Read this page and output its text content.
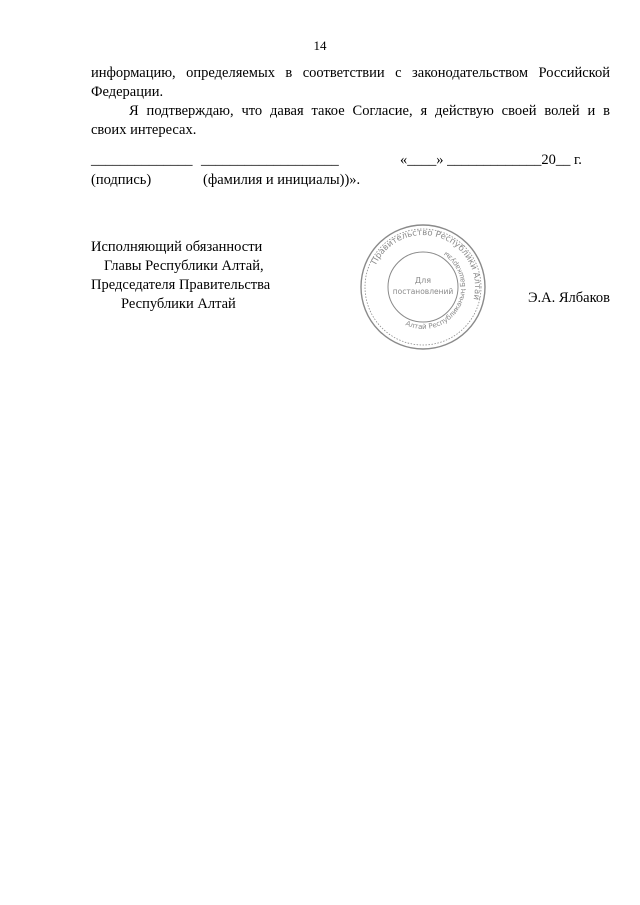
14
информацию, определяемых в соответствии с законодательством Российской
Федерации.
Я подтверждаю, что давая такое Согласие, я действую своей волей и в
своих интересах.
______________ ___________________	«____» _____________20__ г.
(подпись)	(фамилия и инициалы))».
Исполняющий обязанности
Главы Республики Алтай,
Председателя Правительства
Республики Алтай
Правительство Республики Алтай
Алтай Республиканың Башкарузы
Для
постановлений	Э.А. Ялбаков
